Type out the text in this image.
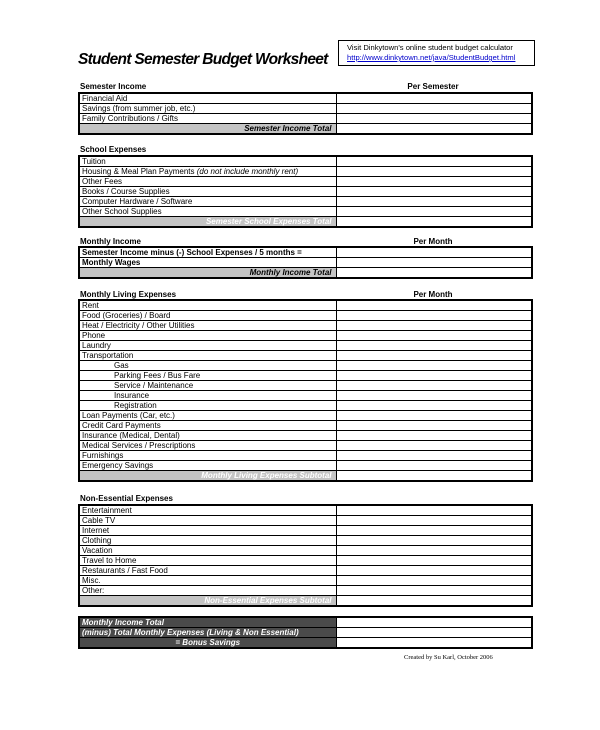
Student Semester Budget Worksheet
Visit Dinkytown's online student budget calculator
http://www.dinkytown.net/java/StudentBudget.html
Semester Income	Per Semester
Financial Aid	
Savings (from summer job, etc.)	
Family Contributions / Gifts	
Semester Income Total	
School Expenses
Tuition	
Housing & Meal Plan Payments (do not include monthly rent)	
Other Fees	
Books / Course Supplies	
Computer Hardware / Software	
Other School Supplies	
Semester School Expenses Total	
Monthly Income	Per Month
Semester Income minus (-) School Expenses / 5 months =	
Monthly Wages	
Monthly Income Total	
Monthly Living Expenses	Per Month
Rent	
Food (Groceries) / Board	
Heat / Electricity / Other Utilities	
Phone	
Laundry	
Transportation	
Gas	
Parking Fees / Bus Fare	
Service / Maintenance	
Insurance	
Registration	
Loan Payments (Car, etc.)	
Credit Card Payments	
Insurance (Medical, Dental)	
Medical Services / Prescriptions	
Furnishings	
Emergency Savings	
Monthly Living Expenses Subtotal	
Non-Essential Expenses
Entertainment	
Cable TV	
Internet	
Clothing	
Vacation	
Travel to Home	
Restaurants / Fast Food	
Misc.	
Other:	
Non-Essential Expenses Subtotal	
Monthly Income Total	
(minus) Total Monthly Expenses (Living & Non Essential)	
= Bonus Savings	
Created by Su Karl, October 2006
